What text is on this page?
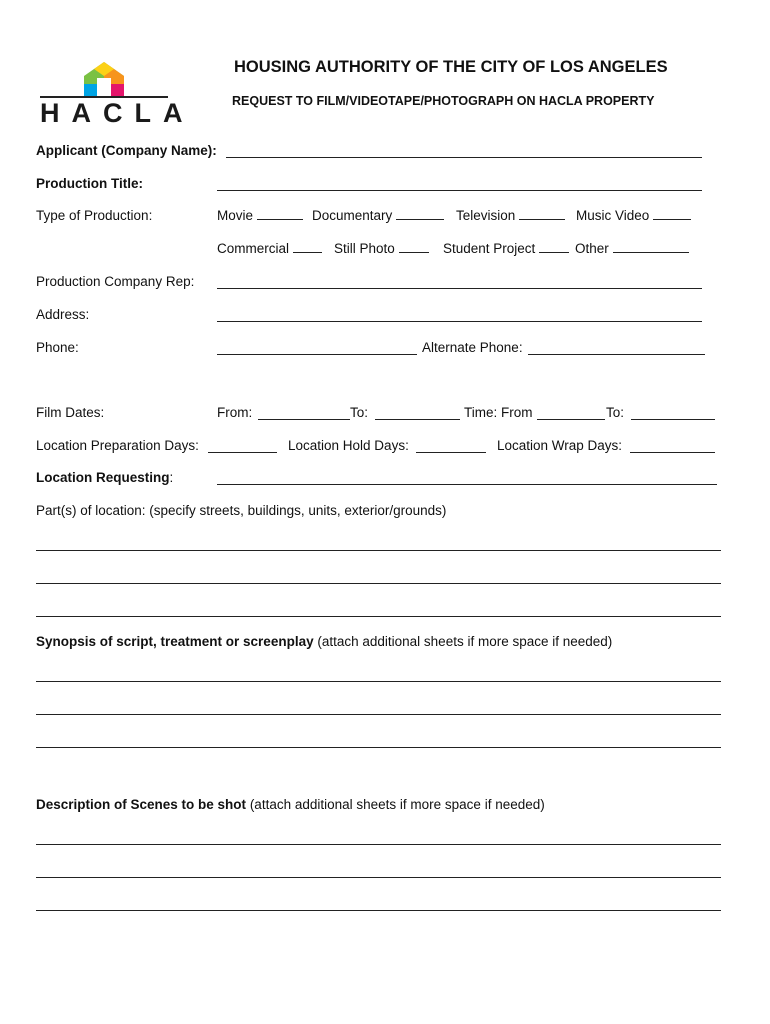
HACLA
HOUSING AUTHORITY OF THE CITY OF LOS ANGELES
REQUEST TO FILM/VIDEOTAPE/PHOTOGRAPH ON HACLA PROPERTY
Applicant (Company Name):
Production Title:
Type of Production:	Movie	Documentary	Television	Music Video
Commercial	Still Photo	Student Project	Other
Production Company Rep:
Address:
Phone:	Alternate Phone:
Film Dates:	From:	To:	Time: From	To:
Location Preparation Days:	Location Hold Days:	Location Wrap Days:
Location Requesting:
Part(s) of location: (specify streets, buildings, units, exterior/grounds)
Synopsis of script, treatment or screenplay (attach additional sheets if more space if needed)
Description of Scenes to be shot (attach additional sheets if more space if needed)
